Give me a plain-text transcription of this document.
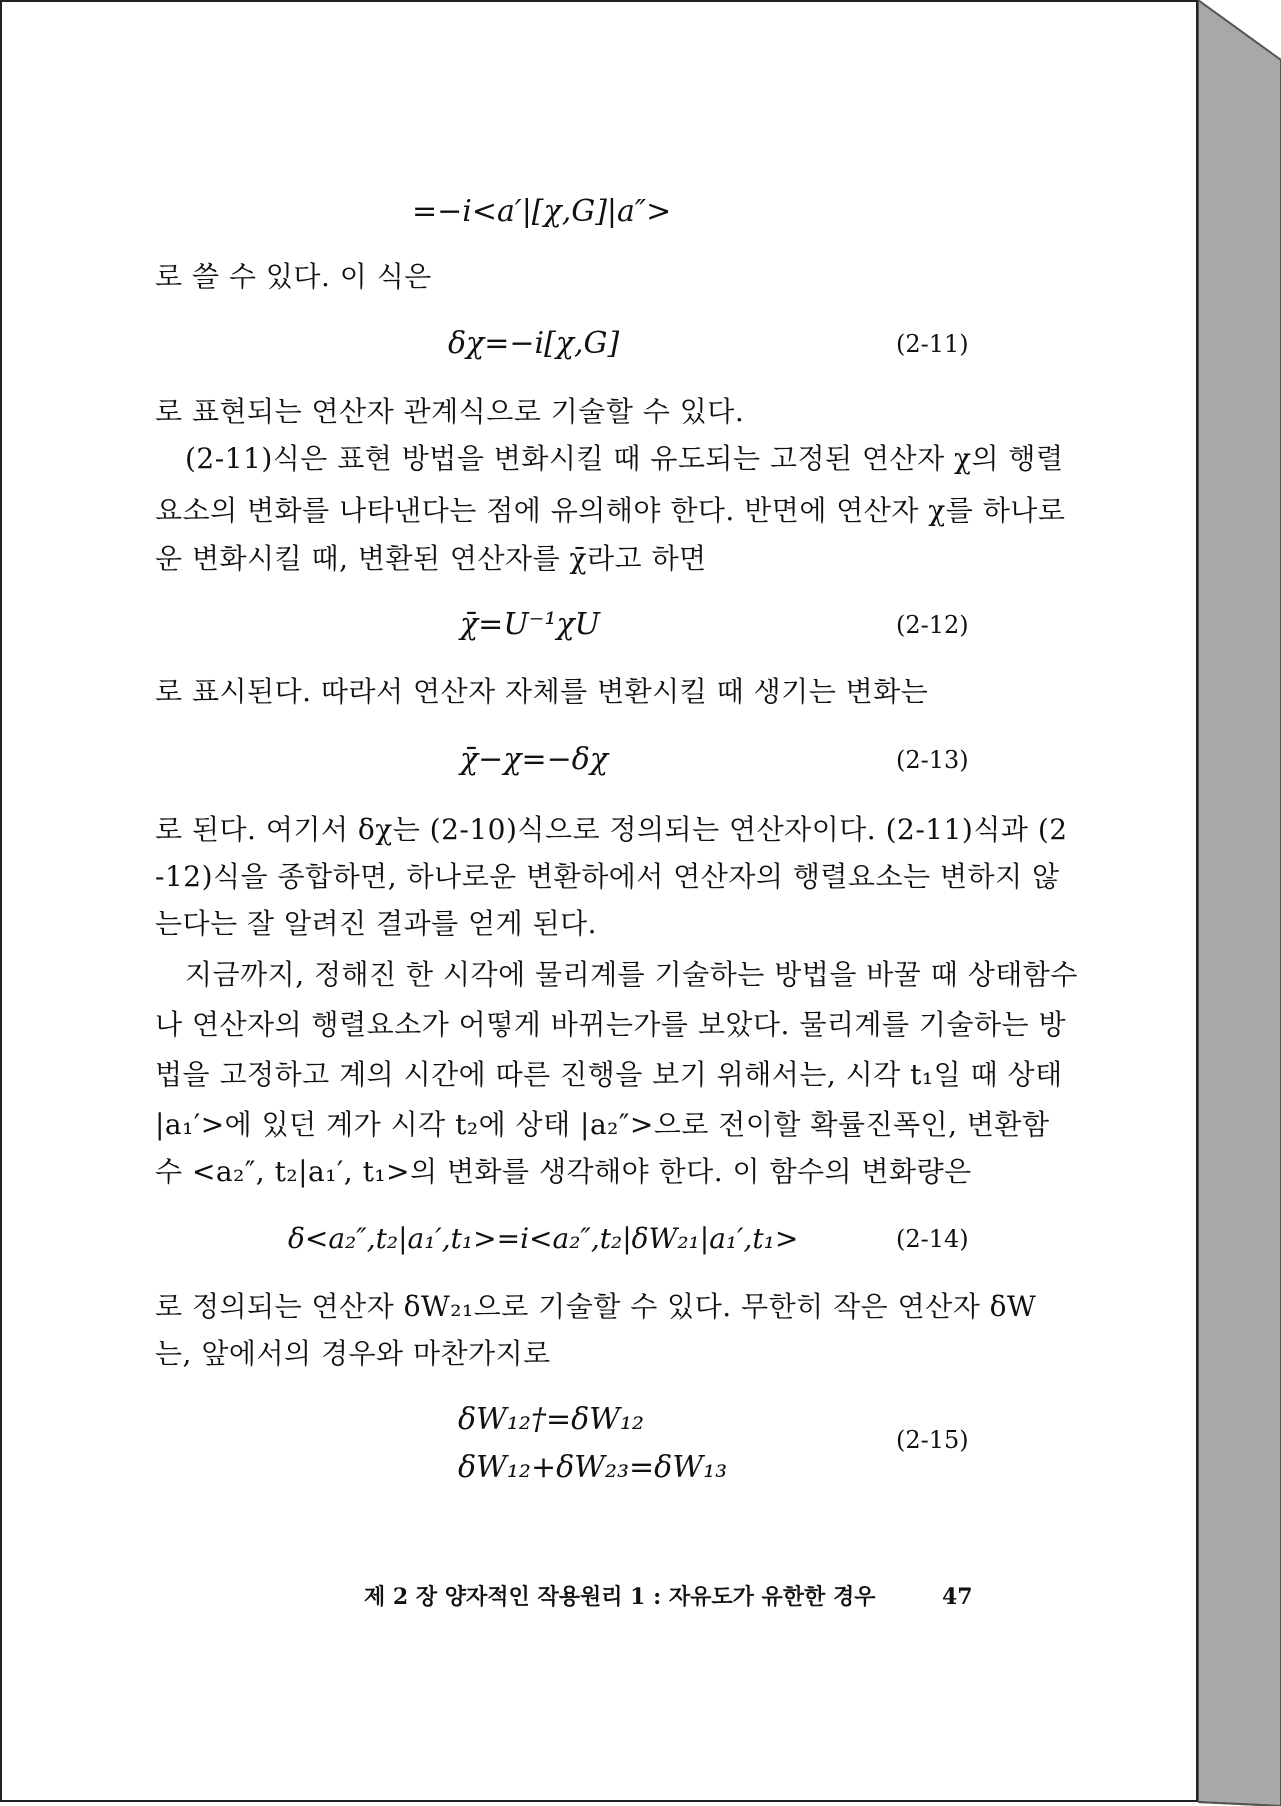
=−i<a′|[χ,G]|a″>
로 쓸 수 있다. 이 식은
δχ=−i[χ,G]	(2-11)
로 표현되는 연산자 관계식으로 기술할 수 있다.
(2-11)식은 표현 방법을 변화시킬 때 유도되는 고정된 연산자 χ의 행렬
요소의 변화를 나타낸다는 점에 유의해야 한다. 반면에 연산자 χ를 하나로
운 변화시킬 때, 변환된 연산자를 χ̄라고 하면
χ̄=U⁻¹χU	(2-12)
로 표시된다. 따라서 연산자 자체를 변환시킬 때 생기는 변화는
χ̄−χ=−δχ	(2-13)
로 된다. 여기서 δχ는 (2-10)식으로 정의되는 연산자이다. (2-11)식과 (2
-12)식을 종합하면, 하나로운 변환하에서 연산자의 행렬요소는 변하지 않
는다는 잘 알려진 결과를 얻게 된다.
지금까지, 정해진 한 시각에 물리계를 기술하는 방법을 바꿀 때 상태함수
나 연산자의 행렬요소가 어떻게 바뀌는가를 보았다. 물리계를 기술하는 방
법을 고정하고 계의 시간에 따른 진행을 보기 위해서는, 시각 t₁일 때 상태
|a₁′>에 있던 계가 시각 t₂에 상태 |a₂″>으로 전이할 확률진폭인, 변환함
수 <a₂″, t₂|a₁′, t₁>의 변화를 생각해야 한다. 이 함수의 변화량은
δ<a₂″,t₂|a₁′,t₁>=i<a₂″,t₂|δW₂₁|a₁′,t₁>	(2-14)
로 정의되는 연산자 δW₂₁으로 기술할 수 있다. 무한히 작은 연산자 δW
는, 앞에서의 경우와 마찬가지로
δW₁₂†=δW₁₂
δW₁₂+δW₂₃=δW₁₃
(2-15)
제 2 장 양자적인 작용원리 1 : 자유도가 유한한 경우	47
